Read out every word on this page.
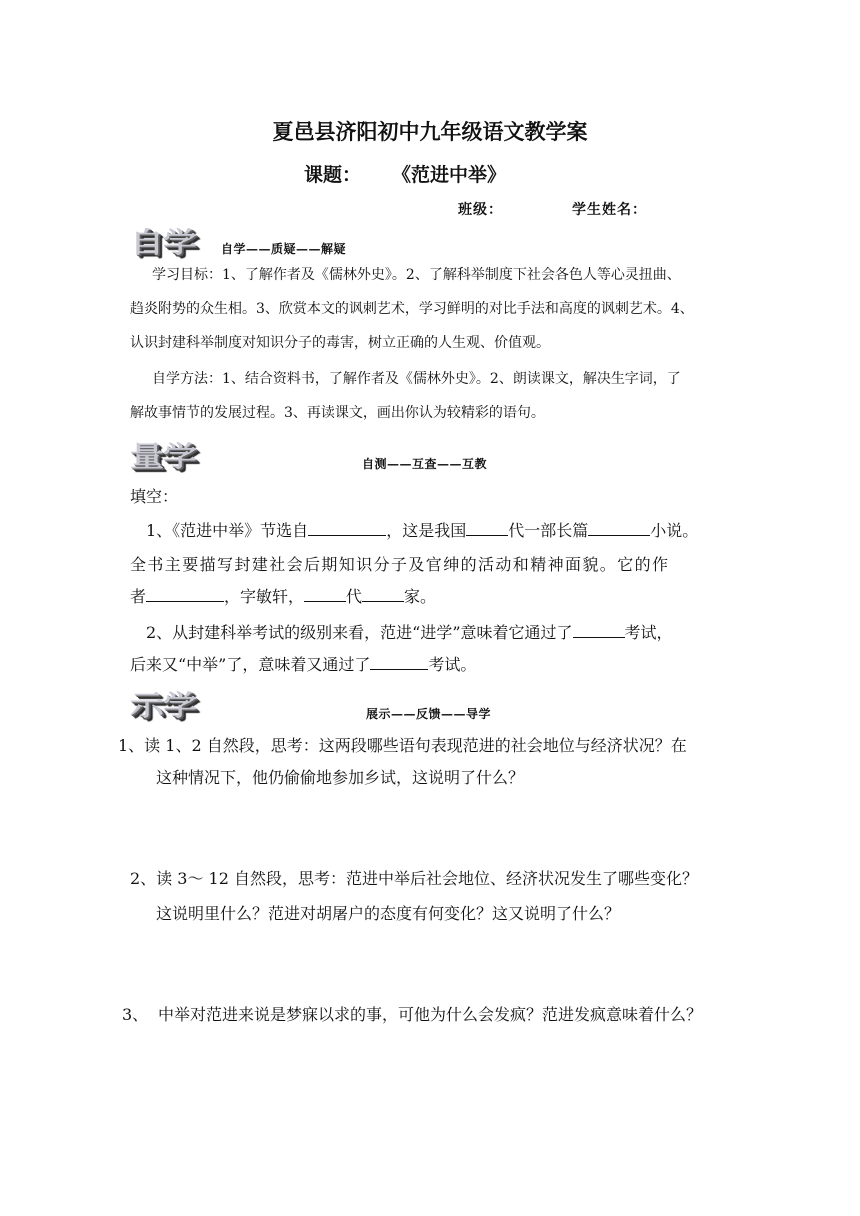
夏邑县济阳初中九年级语文教学案
课题： 《范进中举》
班级：	学生姓名：
自学 自学——质疑——解疑
学习目标：1、了解作者及《儒林外史》。2、了解科举制度下社会各色人等心灵扭曲、
趋炎附势的众生相。3、欣赏本文的讽刺艺术，学习鲜明的对比手法和高度的讽刺艺术。4、
认识封建科举制度对知识分子的毒害，树立正确的人生观、价值观。
自学方法：1、结合资料书，了解作者及《儒林外史》。2、朗读课文，解决生字词，了
解故事情节的发展过程。3、再读课文，画出你认为较精彩的语句。
量学	自测——互查——互教
填空：
1、《范进中举》节选自	，这是我国	代一部长篇	小说。
全书主要描写封建社会后期知识分子及官绅的活动和精神面貌。它的作
者	，字敏轩，	代	家。
2、从封建科举考试的级别来看，范进“进学”意味着它通过了	考试，
后来又“中举”了，意味着又通过了	考试。
示学	展示——反馈——导学
1、读 1、2 自然段，思考：这两段哪些语句表现范进的社会地位与经济状况？在
这种情况下，他仍偷偷地参加乡试，这说明了什么？
2、读 3～ 12 自然段，思考：范进中举后社会地位、经济状况发生了哪些变化？
这说明里什么？范进对胡屠户的态度有何变化？这又说明了什么？
3、 中举对范进来说是梦寐以求的事，可他为什么会发疯？范进发疯意味着什么？
